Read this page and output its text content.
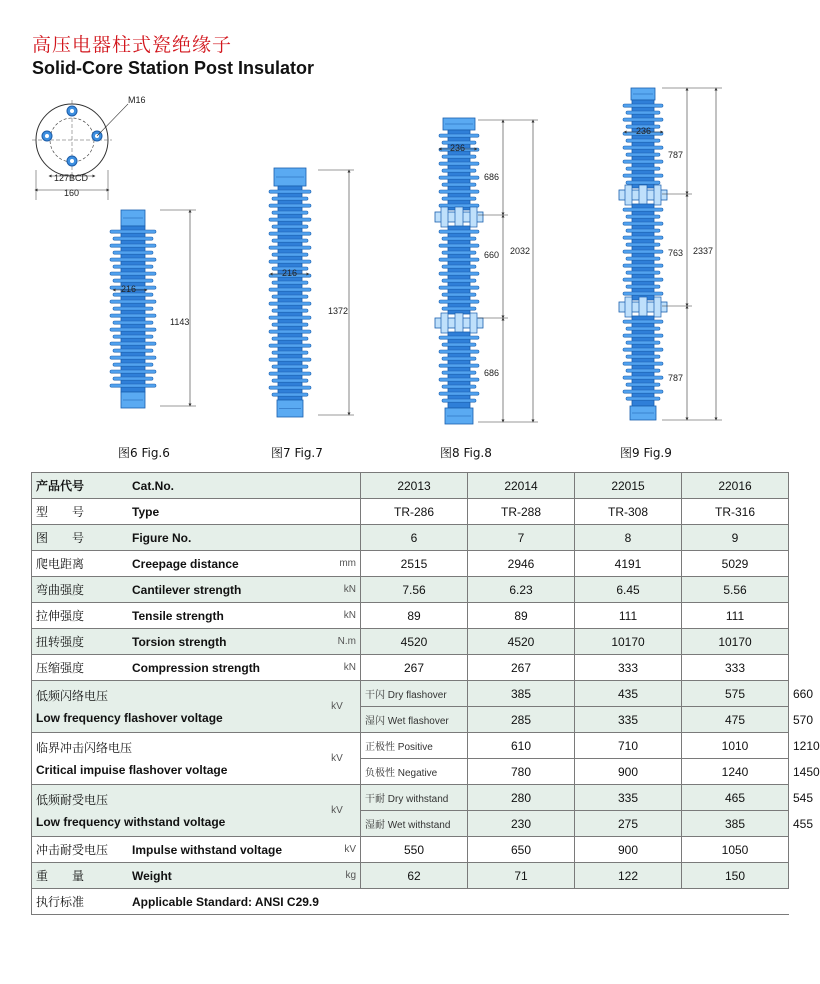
高压电器柱式瓷绝缘子
Solid-Core Station Post Insulator
M16
127BCD
160
216
1143
216
1372
236
686
660
686
2032
236
787
763
787
2337
图6 Fig.6	图7 Fig.7	图8 Fig.8	图9 Fig.9
产品代号	Cat.No.		22013	22014	22015	22016	
型　　号	Type		TR-286	TR-288	TR-308	TR-316	
图　　号	Figure No.		6	7	8	9	
爬电距离	Creepage distance	mm	2515	2946	4191	5029	
弯曲强度	Cantilever strength	kN	7.56	6.23	6.45	5.56	
拉伸强度	Tensile strength	kN	89	89	111	111	
扭转强度	Torsion strength	N.m	4520	4520	10170	10170	
压缩强度	Compression strength	kN	267	267	333	333	

低频闪络电压
Low frequency flashover voltage		kV	干闪 Dry flashover	385	435	575	660
			湿闪 Wet flashover	285	335	475	570

临界冲击闪络电压
Critical impuise flashover voltage		kV	正极性 Positive	610	710	1010	1210
			负极性 Negative	780	900	1240	1450

低频耐受电压
Low frequency withstand voltage		kV	干耐 Dry withstand	280	335	465	545
			湿耐 Wet withstand	230	275	385	455
冲击耐受电压	Impulse withstand voltage	kV	550	650	900	1050	
重　　量	Weight	kg	62	71	122	150	
执行标准	Applicable Standard: ANSI C29.9						
